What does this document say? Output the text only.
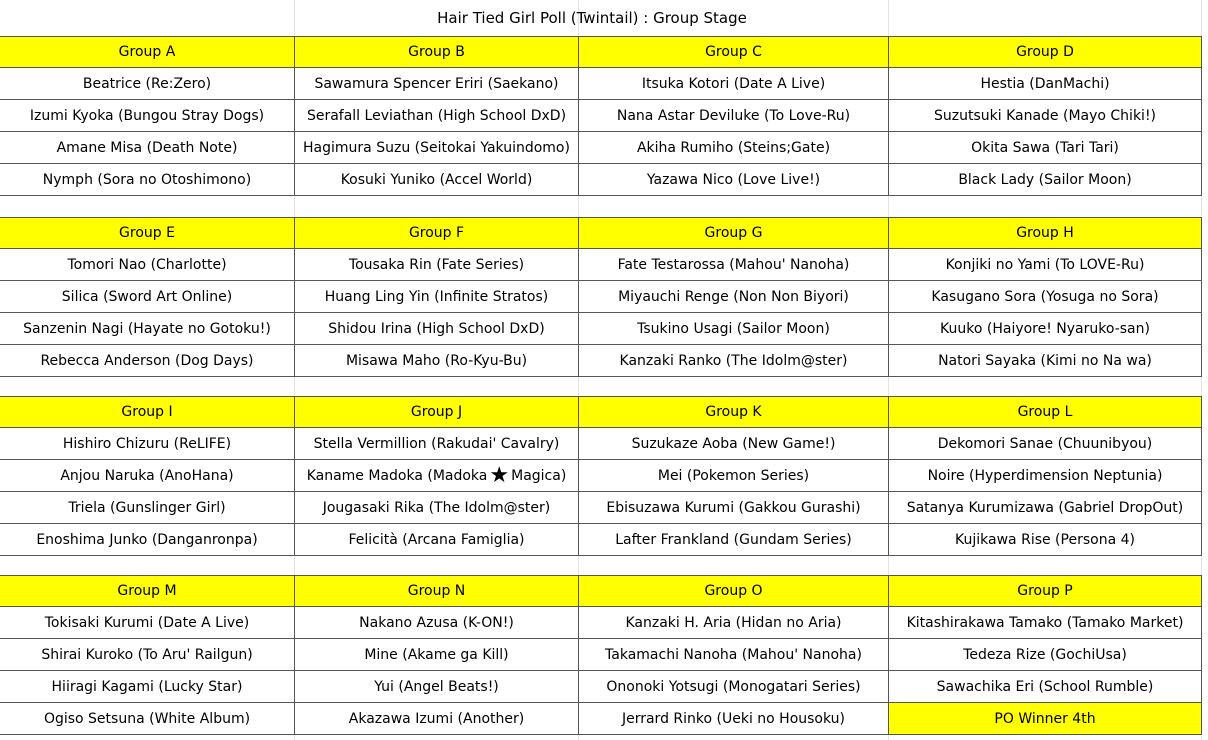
Hair Tied Girl Poll (Twintail) : Group Stage
Group A	Group B	Group C	Group D
Beatrice (Re:Zero)	Sawamura Spencer Eriri (Saekano)	Itsuka Kotori (Date A Live)	Hestia (DanMachi)
Izumi Kyoka (Bungou Stray Dogs)	Serafall Leviathan (High School DxD)	Nana Astar Deviluke (To Love-Ru)	Suzutsuki Kanade (Mayo Chiki!)
Amane Misa (Death Note)	Hagimura Suzu (Seitokai Yakuindomo)	Akiha Rumiho (Steins;Gate)	Okita Sawa (Tari Tari)
Nymph (Sora no Otoshimono)	Kosuki Yuniko (Accel World)	Yazawa Nico (Love Live!)	Black Lady (Sailor Moon)
Group E	Group F	Group G	Group H
Tomori Nao (Charlotte)	Tousaka Rin (Fate Series)	Fate Testarossa (Mahou' Nanoha)	Konjiki no Yami (To LOVE-Ru)
Silica (Sword Art Online)	Huang Ling Yin (Infinite Stratos)	Miyauchi Renge (Non Non Biyori)	Kasugano Sora (Yosuga no Sora)
Sanzenin Nagi (Hayate no Gotoku!)	Shidou Irina (High School DxD)	Tsukino Usagi (Sailor Moon)	Kuuko (Haiyore! Nyaruko-san)
Rebecca Anderson (Dog Days)	Misawa Maho (Ro-Kyu-Bu)	Kanzaki Ranko (The Idolm@ster)	Natori Sayaka (Kimi no Na wa)
Group I	Group J	Group K	Group L
Hishiro Chizuru (ReLIFE)	Stella Vermillion (Rakudai' Cavalry)	Suzukaze Aoba (New Game!)	Dekomori Sanae (Chuunibyou)
Anjou Naruka (AnoHana)	Kaname Madoka (Madoka ★ Magica)	Mei (Pokemon Series)	Noire (Hyperdimension Neptunia)
Triela (Gunslinger Girl)	Jougasaki Rika (The Idolm@ster)	Ebisuzawa Kurumi (Gakkou Gurashi)	Satanya Kurumizawa (Gabriel DropOut)
Enoshima Junko (Danganronpa)	Felicità (Arcana Famiglia)	Lafter Frankland (Gundam Series)	Kujikawa Rise (Persona 4)
Group M	Group N	Group O	Group P
Tokisaki Kurumi (Date A Live)	Nakano Azusa (K-ON!)	Kanzaki H. Aria (Hidan no Aria)	Kitashirakawa Tamako (Tamako Market)
Shirai Kuroko (To Aru' Railgun)	Mine (Akame ga Kill)	Takamachi Nanoha (Mahou' Nanoha)	Tedeza Rize (GochiUsa)
Hiiragi Kagami (Lucky Star)	Yui (Angel Beats!)	Ononoki Yotsugi (Monogatari Series)	Sawachika Eri (School Rumble)
Ogiso Setsuna (White Album)	Akazawa Izumi (Another)	Jerrard Rinko (Ueki no Housoku)	PO Winner 4th
